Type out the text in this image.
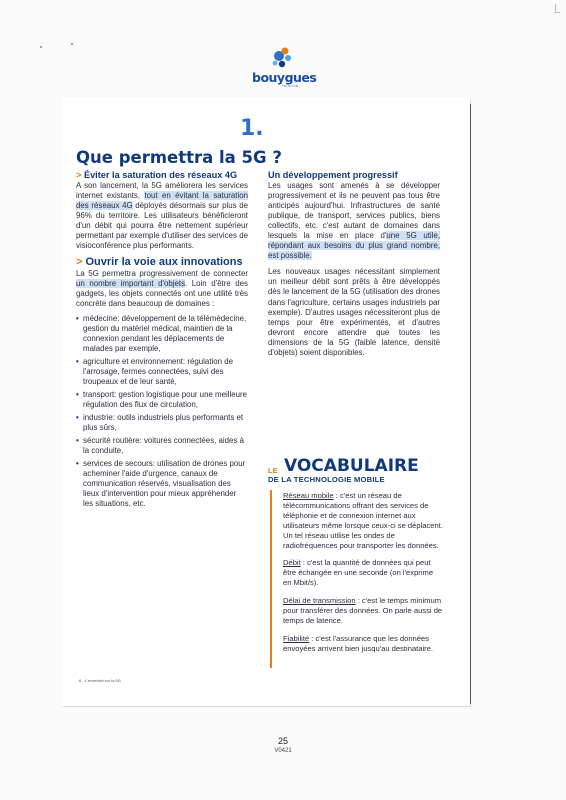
bouygues
TELECOM
1.
Que permettra la 5G ?
> Éviter la saturation des réseaux 4G

A son lancement, la 5G améliorera les services internet existants, tout en évitant la saturation des réseaux 4G déployés désormais sur plus de 96% du territoire. Les utilisateurs bénéficieront d'un débit qui pourra être nettement supérieur permettant par exemple d'utiliser des services de visioconférence plus performants.

> Ouvrir la voie aux innovations

La 5G permettra progressivement de connecter un nombre important d'objets. Loin d'être des gadgets, les objets connectés ont une utilité très concrète dans beaucoup de domaines :

• médecine: développement de la télémédecine, gestion du matériel médical, maintien de la connexion pendant les déplacements de malades par exemple,
• agriculture et environnement: régulation de l'arrosage, fermes connectées, suivi des troupeaux et de leur santé,
• transport: gestion logistique pour une meilleure régulation des flux de circulation,
• industrie: outils industriels plus performants et plus sûrs,
• sécurité routière: voitures connectées, aides à la conduite,
• services de secours: utilisation de drones pour acheminer l'aide d'urgence, canaux de communication réservés, visualisation des lieux d'intervention pour mieux appréhender les situations, etc.
Un développement progressif

Les usages sont amenés à se développer progressivement et ils ne peuvent pas tous être anticipés aujourd'hui. Infrastructures de santé publique, de transport, services publics, biens collectifs, etc. c'est autant de domaines dans lesquels la mise en place d'une 5G utile, répondant aux besoins du plus grand nombre, est possible.

Les nouveaux usages nécessitant simplement un meilleur débit sont prêts à être développés dès le lancement de la 5G (utilisation des drones dans l'agriculture, certains usages industriels par exemple). D'autres usages nécessiteront plus de temps pour être expérimentés, et d'autres devront encore attendre que toutes les dimensions de la 5G (faible latence, densité d'objets) soient disponibles.

LE VOCABULAIRE
DE LA TECHNOLOGIE MOBILE

Réseau mobile : c'est un réseau de télécommunications offrant des services de téléphonie et de connexion internet aux utilisateurs même lorsque ceux-ci se déplacent. Un tel réseau utilise les ondes de radiofréquences pour transporter les données.

Débit : c'est la quantité de données qui peut être échangée en une seconde (on l'exprime en Mbit/s).

Délai de transmission : c'est le temps minimum pour transférer des données. On parle aussi de temps de latence.

Fiabilité : c'est l'assurance que les données envoyées arrivent bien jusqu'au destinataire.

6 - L'essentiel sur la 5G
25
V0421
